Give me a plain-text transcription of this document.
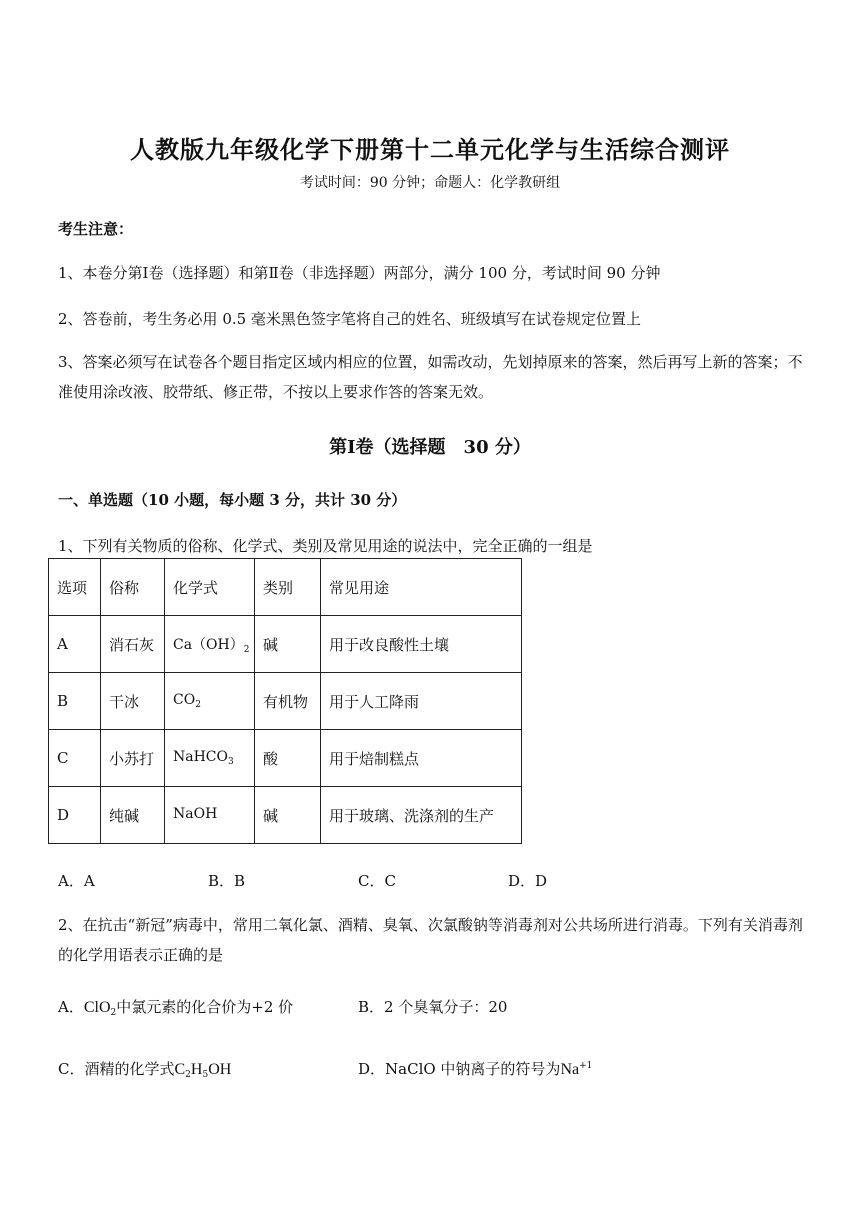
人教版九年级化学下册第十二单元化学与生活综合测评
考试时间：90 分钟；命题人：化学教研组
考生注意：
1、本卷分第Ⅰ卷（选择题）和第Ⅱ卷（非选择题）两部分，满分 100 分，考试时间 90 分钟
2、答卷前，考生务必用 0.5 毫米黑色签字笔将自己的姓名、班级填写在试卷规定位置上
3、答案必须写在试卷各个题目指定区域内相应的位置，如需改动，先划掉原来的答案，然后再写上新的答案；不准使用涂改液、胶带纸、修正带，不按以上要求作答的答案无效。
第Ⅰ卷（选择题　30 分）
一、单选题（10 小题，每小题 3 分，共计 30 分）
1、下列有关物质的俗称、化学式、类别及常见用途的说法中，完全正确的一组是
选项	俗称	化学式	类别	常见用途
A	消石灰	$Ca(OH)_2$	碱	用于改良酸性土壤
B	干冰	$CO_2$	有机物	用于人工降雨
C	小苏打	NaHCO$_3$	酸	用于焙制糕点
D	纯碱	NaOH	碱	用于玻璃、洗涤剂的生产
A．A	B．B	C．C	D．D
2、在抗击“新冠”病毒中，常用二氧化氯、酒精、臭氧、次氯酸钠等消毒剂对公共场所进行消毒。下列有关消毒剂的化学用语表示正确的是
A．ClO$_2$中氯元素的化合价为+2 价	B．2 个臭氧分子：20
C．酒精的化学式$C_2H_5OH$	D．NaClO 中钠离子的符号为$Na^{+1}$
